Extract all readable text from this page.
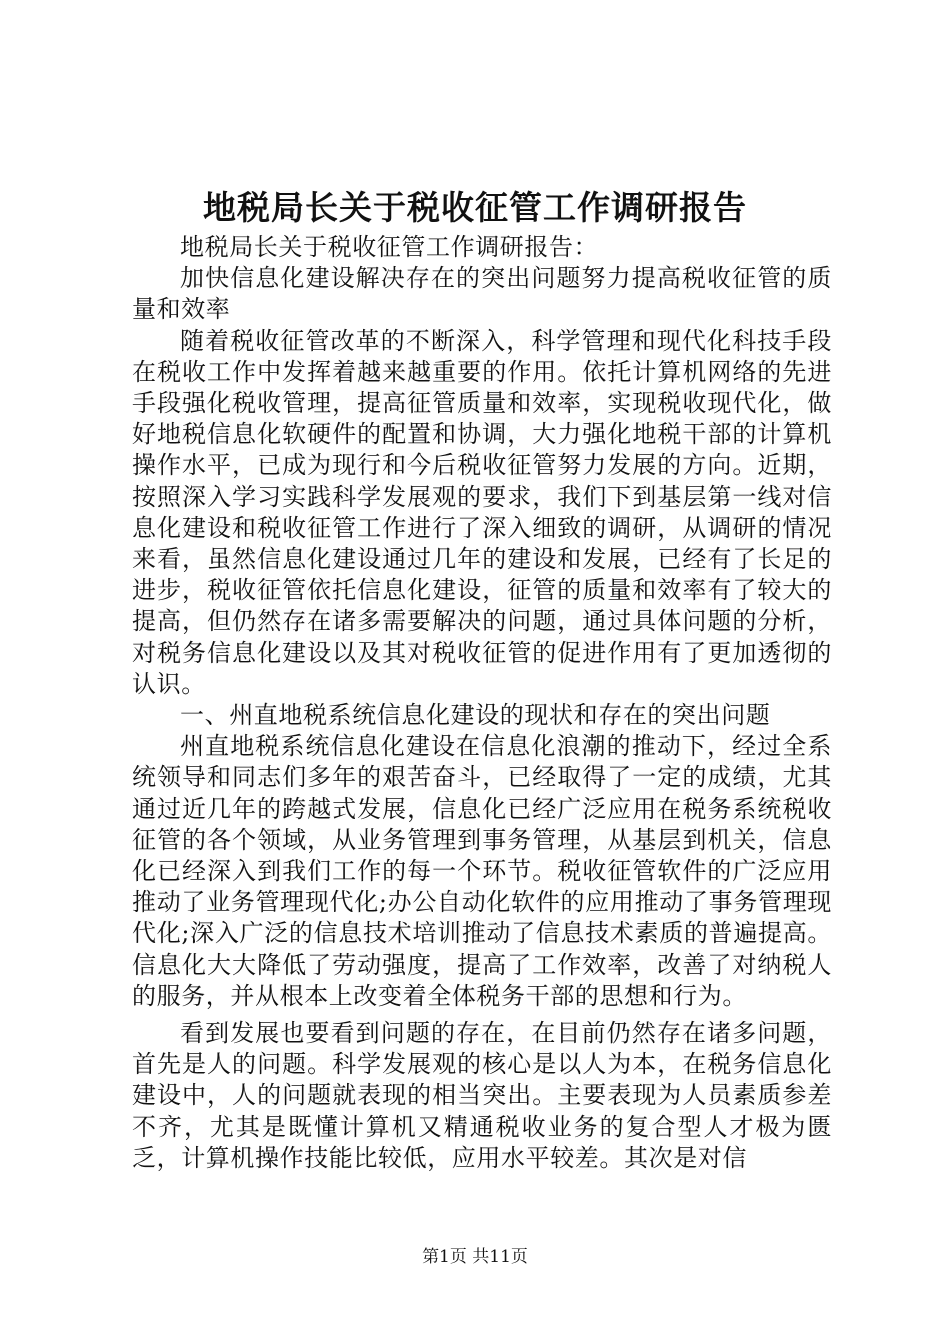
地税局长关于税收征管工作调研报告

地税局长关于税收征管工作调研报告：

加快信息化建设解决存在的突出问题努力提高税收征管的质量和效率

随着税收征管改革的不断深入，科学管理和现代化科技手段在税收工作中发挥着越来越重要的作用。依托计算机网络的先进手段强化税收管理，提高征管质量和效率，实现税收现代化，做好地税信息化软硬件的配置和协调，大力强化地税干部的计算机操作水平，已成为现行和今后税收征管努力发展的方向。近期，按照深入学习实践科学发展观的要求，我们下到基层第一线对信息化建设和税收征管工作进行了深入细致的调研，从调研的情况来看，虽然信息化建设通过几年的建设和发展，已经有了长足的进步，税收征管依托信息化建设，征管的质量和效率有了较大的提高，但仍然存在诸多需要解决的问题，通过具体问题的分析，对税务信息化建设以及其对税收征管的促进作用有了更加透彻的认识。

一、州直地税系统信息化建设的现状和存在的突出问题

州直地税系统信息化建设在信息化浪潮的推动下，经过全系统领导和同志们多年的艰苦奋斗，已经取得了一定的成绩，尤其通过近几年的跨越式发展，信息化已经广泛应用在税务系统税收征管的各个领域，从业务管理到事务管理，从基层到机关，信息化已经深入到我们工作的每一个环节。税收征管软件的广泛应用推动了业务管理现代化;办公自动化软件的应用推动了事务管理现代化;深入广泛的信息技术培训推动了信息技术素质的普遍提高。信息化大大降低了劳动强度，提高了工作效率，改善了对纳税人的服务，并从根本上改变着全体税务干部的思想和行为。

看到发展也要看到问题的存在，在目前仍然存在诸多问题，首先是人的问题。科学发展观的核心是以人为本，在税务信息化建设中，人的问题就表现的相当突出。主要表现为人员素质参差不齐，尤其是既懂计算机又精通税收业务的复合型人才极为匮乏，计算机操作技能比较低，应用水平较差。其次是对信

第1页 共11页
